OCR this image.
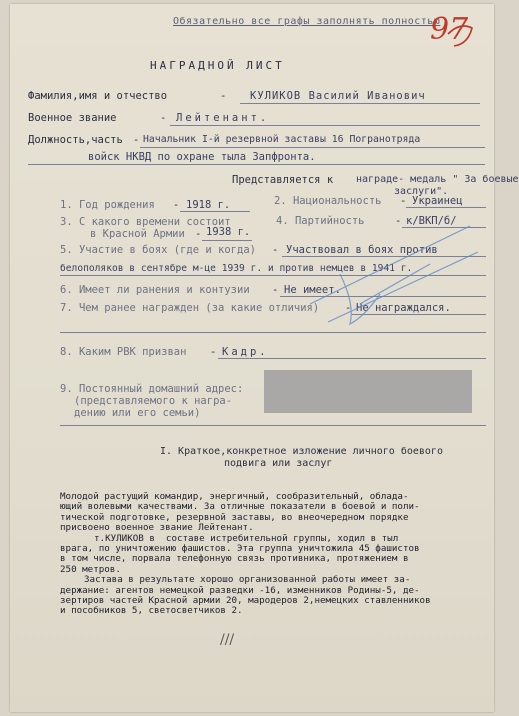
Обязательно все графы заполнять полностью
97
НАГРАДНОЙ ЛИСТ
Фамилия,имя и отчество	- КУЛИКОВ Василий Иванович
Военное звание	- Лейтенант.
Должность,часть - Начальник I-й резервной заставы 16 Погранотряда
войск НКВД по охране тыла Запфронта.
Представляется к награде- медаль " За боевые
заслуги".
1. Год рождения - 1918 г.	2. Национальность - Украинец
3. С какого времени состоит
в Красной Армии - 1938 г.
4. Партийность	- к/ВКП/б/
5. Участие в боях (где и когда) - Участвовал в боях против
белополяков в сентябре м-це 1939 г. и против немцев в 1941 г.
6. Имеет ли ранения и контузии - Не имеет.
7. Чем ранее награжден (за какие отличия) - Не награждался.
8. Каким РВК призван - Кадр.
9. Постоянный домашний адрес:
(представляемого к награ-
дению или его семьи)
I. Краткое,конкретное изложение личного боевого
подвига или заслуг

Молодой растущий командир, энергичный, сообразительный, облада-

ющий волевыми качествами. За отличные показатели в боевой и поли-

тической подготовке, резервной заставы, во внеочередном порядке

присвоено военное звание Лейтенант.

т.КУЛИКОВ в  составе истребительной группы, ходил в тыл

врага, по уничтожению фашистов. Эта группа уничтожила 45 фашистов

в том числе, порвала телефонную связь противника, протяжением в

250 метров.

Застава в результате хорошо организованной работы имеет за-

держание: агентов немецкой разведки -16, изменников Родины-5, де-

зертиров частей Красной армии 20, мародеров 2,немецких ставленников

и пособников 5, светосветчиков 2.

///
